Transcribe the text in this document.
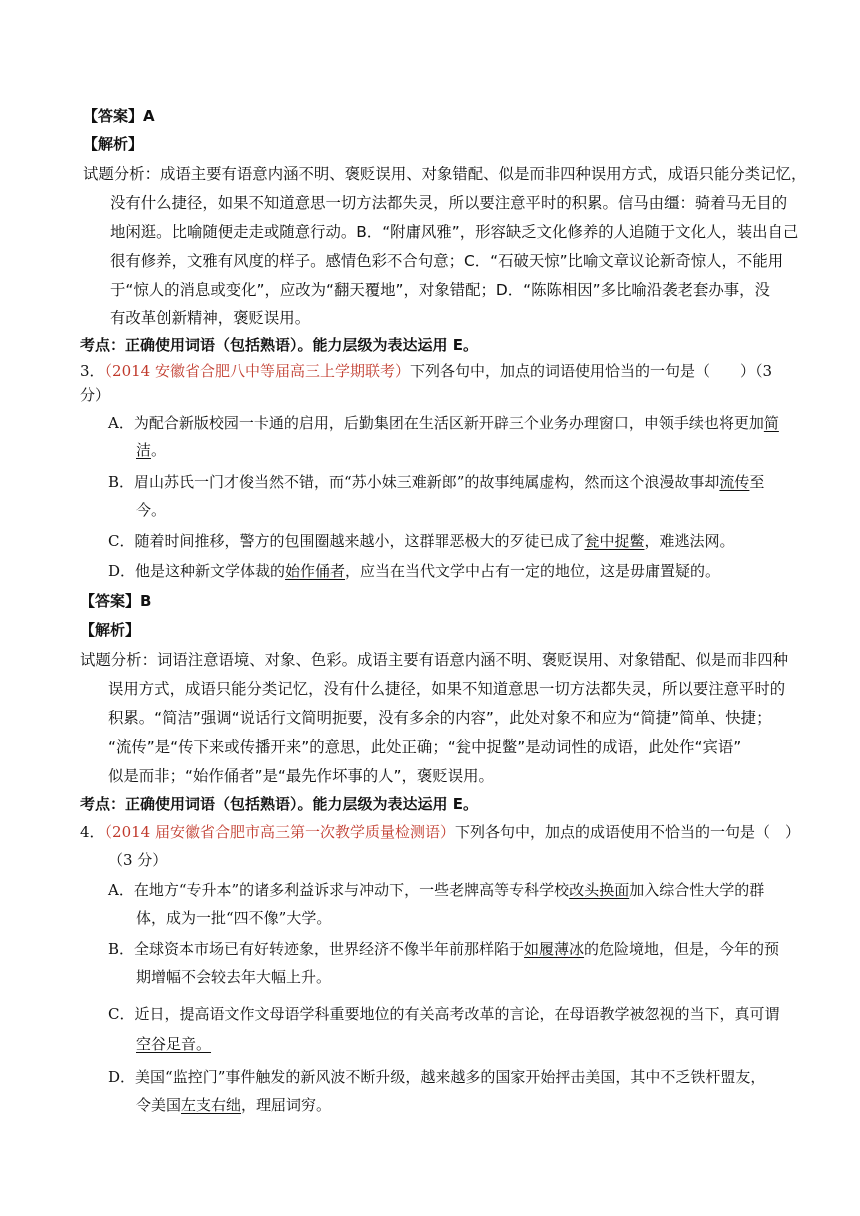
【答案】A
【解析】
试题分析：成语主要有语意内涵不明、褒贬误用、对象错配、似是而非四种误用方式，成语只能分类记忆，
没有什么捷径，如果不知道意思一切方法都失灵，所以要注意平时的积累。信马由缰：骑着马无目的
地闲逛。比喻随便走走或随意行动。B．“附庸风雅”，形容缺乏文化修养的人追随于文化人，装出自己
很有修养，文雅有风度的样子。感情色彩不合句意；C．“石破天惊”比喻文章议论新奇惊人，不能用
于“惊人的消息或变化”，应改为“翻天覆地”，对象错配；D．“陈陈相因”多比喻沿袭老套办事，没
有改革创新精神，褒贬误用。
考点：正确使用词语（包括熟语）。能力层级为表达运用 E。
3．（2014 安徽省合肥八中等届高三上学期联考）下列各句中，加点的词语使用恰当的一句是（　　）（3
分）
A．为配合新版校园一卡通的启用，后勤集团在生活区新开辟三个业务办理窗口，申领手续也将更加简
洁。
B．眉山苏氏一门才俊当然不错，而“苏小妹三难新郎”的故事纯属虚构，然而这个浪漫故事却流传至
今。
C．随着时间推移，警方的包围圈越来越小，这群罪恶极大的歹徒已成了瓮中捉鳖，难逃法网。
D．他是这种新文学体裁的始作俑者，应当在当代文学中占有一定的地位，这是毋庸置疑的。
【答案】B
【解析】
试题分析：词语注意语境、对象、色彩。成语主要有语意内涵不明、褒贬误用、对象错配、似是而非四种
误用方式，成语只能分类记忆，没有什么捷径，如果不知道意思一切方法都失灵，所以要注意平时的
积累。“简洁”强调“说话行文简明扼要，没有多余的内容”，此处对象不和应为“简捷”简单、快捷；
“流传”是“传下来或传播开来”的意思，此处正确；“瓮中捉鳖”是动词性的成语，此处作“宾语”
似是而非；“始作俑者”是“最先作坏事的人”，褒贬误用。
考点：正确使用词语（包括熟语）。能力层级为表达运用 E。
4．（2014 届安徽省合肥市高三第一次教学质量检测语）下列各句中，加点的成语使用不恰当的一句是（　）
（3 分）
A．在地方“专升本”的诸多利益诉求与冲动下，一些老牌高等专科学校改头换面加入综合性大学的群
体，成为一批“四不像”大学。
B．全球资本市场已有好转迹象，世界经济不像半年前那样陷于如履薄冰的危险境地，但是，今年的预
期增幅不会较去年大幅上升。
C．近日，提高语文作文母语学科重要地位的有关高考改革的言论，在母语教学被忽视的当下，真可谓
空谷足音。
D．美国“监控门”事件触发的新风波不断升级，越来越多的国家开始抨击美国，其中不乏铁杆盟友，
令美国左支右绌，理屈词穷。
